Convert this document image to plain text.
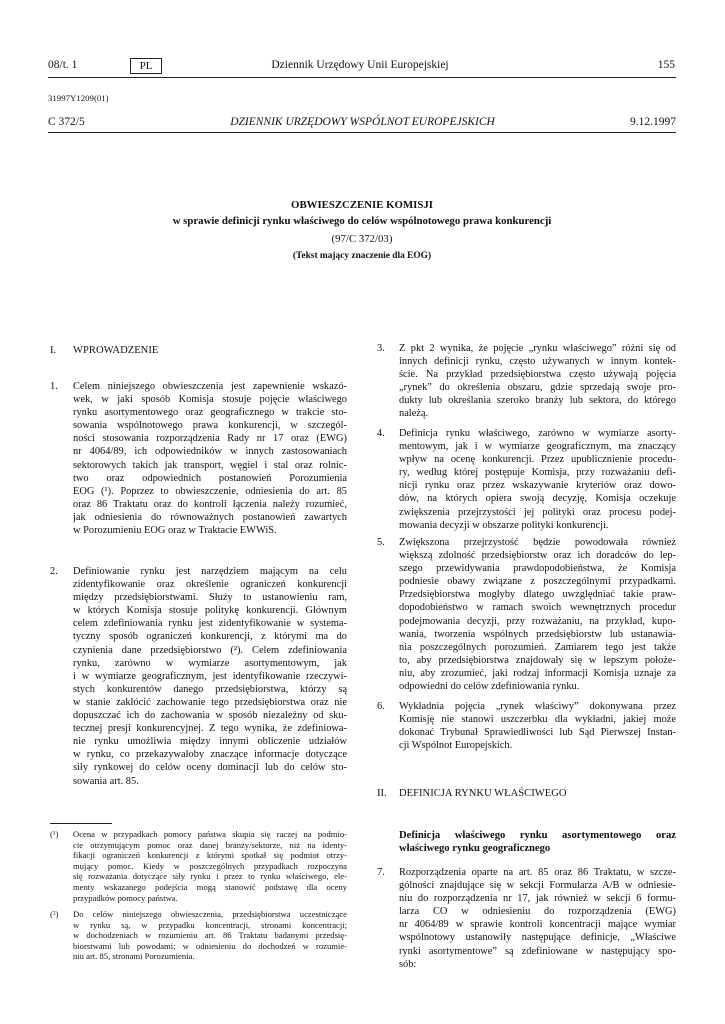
08/t. 1	PL	Dziennik Urzędowy Unii Europejskiej	155
31997Y1209(01)
C 372/5	DZIENNIK URZĘDOWY WSPÓLNOT EUROPEJSKICH	9.12.1997
OBWIESZCZENIE KOMISJI
w sprawie definicji rynku właściwego do celów wspólnotowego prawa konkurencji
(97/C 372/03)
(Tekst mający znaczenie dla EOG)
I. WPROWADZENIE
1. Celem niniejszego obwieszczenia jest zapewnienie wskazó-
wek, w jaki sposób Komisja stosuje pojęcie właściwego
rynku asortymentowego oraz geograficznego w trakcie sto-
sowania wspólnotowego prawa konkurencji, w szczegól-
ności stosowania rozporządzenia Rady nr 17 oraz (EWG)
nr 4064/89, ich odpowiedników w innych zastosowaniach
sektorowych takich jak transport, węgiel i stal oraz rolnic-
two oraz odpowiednich postanowień Porozumienia
EOG (¹). Poprzez to obwieszczenie, odniesienia do art. 85
oraz 86 Traktatu oraz do kontroli łączenia należy rozumieć,
jak odniesienia do równoważnych postanowień zawartych
w Porozumieniu EOG oraz w Traktacie EWWiS.
2. Definiowanie rynku jest narzędziem mającym na celu
zidentyfikowanie oraz określenie ograniczeń konkurencji
między przedsiębiorstwami. Służy to ustanowieniu ram,
w których Komisja stosuje politykę konkurencji. Głównym
celem zdefiniowania rynku jest zidentyfikowanie w systema-
tyczny sposób ograniczeń konkurencji, z którymi ma do
czynienia dane przedsiębiorstwo (²). Celem zdefiniowania
rynku, zarówno w wymiarze asortymentowym, jak
i w wymiarze geograficznym, jest identyfikowanie rzeczywi-
stych konkurentów danego przedsiębiorstwa, którzy są
w stanie zakłócić zachowanie tego przedsiębiorstwa oraz nie
dopuszczać ich do zachowania w sposób niezależny od sku-
tecznej presji konkurencyjnej. Z tego wynika, że zdefiniowa-
nie rynku umożliwia między innymi obliczenie udziałów
w rynku, co przekazywałoby znaczące informacje dotyczące
siły rynkowej do celów oceny dominacji lub do celów sto-
sowania art. 85.
(¹) Ocena w przypadkach pomocy państwa skupia się raczej na podmio-
cie otrzymującym pomoc oraz danej branży/sektorze, niż na identy-
fikacji ograniczeń konkurencji z którymi spotkał się podmiot otrzy-
mujący pomoc. Kiedy w poszczególnych przypadkach rozpoczyna
się rozważania dotyczące siły rynku i przez to rynku właściwego, ele-
menty wskazanego podejścia mogą stanowić podstawę dla oceny
przypadków pomocy państwa.
(²) Do celów niniejszego obwieszczenia, przedsiębiorstwa uczestniczące
w rynku są, w przypadku koncentracji, stronami koncentracji;
w dochodzeniach w rozumieniu art. 86 Traktatu badanymi przedsię-
biorstwami lub powodami; w odniesieniu do dochodzeń w rozumie-
niu art. 85, stronami Porozumienia.
3. Z pkt 2 wynika, że pojęcie „rynku właściwego” różni się od
innych definicji rynku, często używanych w innym kontek-
ście. Na przykład przedsiębiorstwa często używają pojęcia
„rynek” do określenia obszaru, gdzie sprzedają swoje pro-
dukty lub określania szeroko branży lub sektora, do którego
należą.
4. Definicja rynku właściwego, zarówno w wymiarze asorty-
mentowym, jak i w wymiarze geograficznym, ma znaczący
wpływ na ocenę konkurencji. Przez upublicznienie procedu-
ry, według której postępuje Komisja, przy rozważaniu defi-
nicji rynku oraz przez wskazywanie kryteriów oraz dowo-
dów, na których opiera swoją decyzję, Komisja oczekuje
zwiększenia przejrzystości jej polityki oraz procesu podej-
mowania decyzji w obszarze polityki konkurencji.
5. Zwiększona przejrzystość będzie powodowała również
większą zdolność przedsiębiorstw oraz ich doradców do lep-
szego przewidywania prawdopodobieństwa, że Komisja
podniesie obawy związane z poszczególnymi przypadkami.
Przedsiębiorstwa mogłyby dlatego uwzględniać takie praw-
dopodobieństwo w ramach swoich wewnętrznych procedur
podejmowania decyzji, przy rozważaniu, na przykład, kupo-
wania, tworzenia wspólnych przedsiębiorstw lub ustanawia-
nia poszczególnych porozumień. Zamiarem tego jest także
to, aby przedsiębiorstwa znajdowały się w lepszym położe-
niu, aby zrozumieć, jaki rodzaj informacji Komisja uznaje za
odpowiedni do celów zdefiniowania rynku.
6. Wykładnia pojęcia „rynek właściwy” dokonywana przez
Komisję nie stanowi uszczerbku dla wykładni, jakiej może
dokonać Trybunał Sprawiedliwości lub Sąd Pierwszej Instan-
cji Wspólnot Europejskich.
II. DEFINICJA RYNKU WŁAŚCIWEGO
Definicja właściwego rynku asortymentowego oraz
właściwego rynku geograficznego
7. Rozporządzenia oparte na art. 85 oraz 86 Traktatu, w szcze-
gólności znajdujące się w sekcji Formularza A/B w odniesie-
niu do rozporządzenia nr 17, jak również w sekcji 6 formu-
larza CO w odniesieniu do rozporządzenia (EWG)
nr 4064/89 w sprawie kontroli koncentracji mające wymiar
wspólnotowy ustanowiły następujące definicje, „Właściwe
rynki asortymentowe” są zdefiniowane w następujący spo-
sób:
